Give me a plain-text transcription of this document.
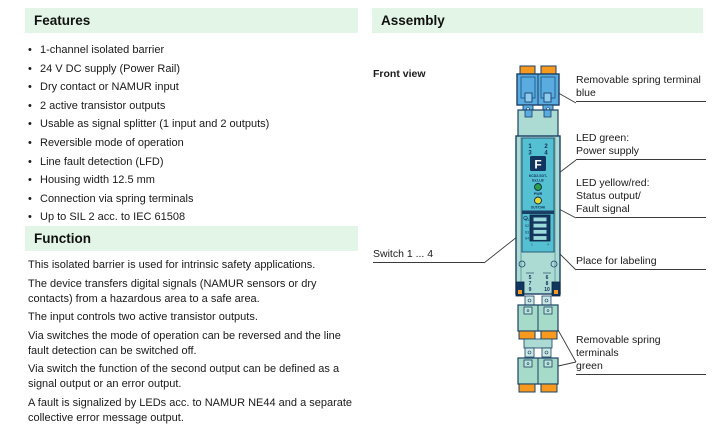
Features
• 1-channel isolated barrier
• 24 V DC supply (Power Rail)
• Dry contact or NAMUR input
• 2 active transistor outputs
• Usable as signal splitter (1 input and 2 outputs)
• Reversible mode of operation
• Line fault detection (LFD)
• Housing width 12.5 mm
• Connection via spring terminals
• Up to SIL 2 acc. to IEC 61508
Function

This isolated barrier is used for intrinsic safety applications.

The device transfers digital signals (NAMUR sensors or dry contacts) from a hazardous area to a safe area.

The input controls two active transistor outputs.

Via switches the mode of operation can be reversed and the line fault detection can be switched off.

Via switch the function of the second output can be defined as a signal output or an error output.

A fault is signalized by LEDs acc. to NAMUR NE44 and a separate collective error message output.

Assembly
Front view
1 2
3 4
F
KCD2-SOT-
Ex1.LB
PWR
OUT/CHK
S1
S2
S3
S4
1	4
5	6
7	8
9	10
Removable spring terminal
blue
LED green:
Power supply
LED yellow/red:
Status output/
Fault signal
Place for labeling
Removable spring terminals
green
Switch 1 ... 4
